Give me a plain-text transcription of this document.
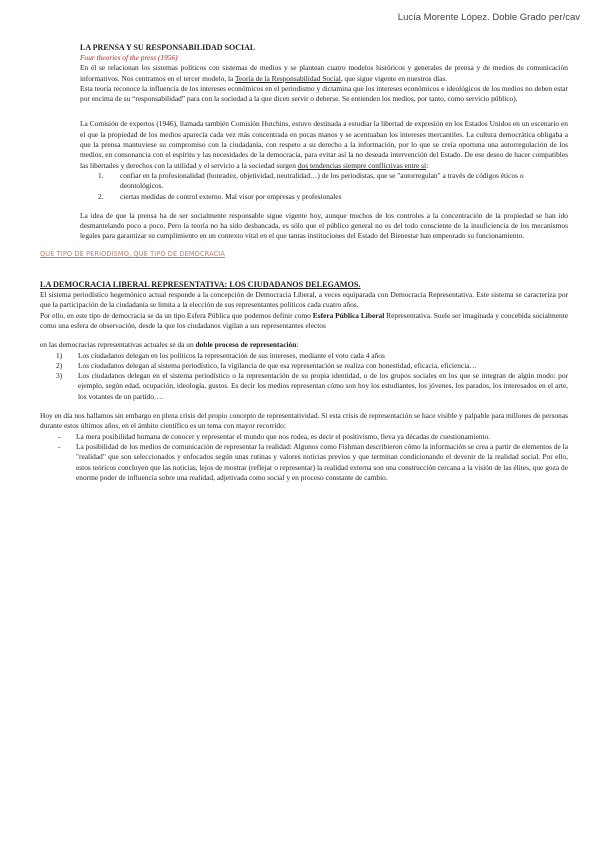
Lucía Morente López. Doble Grado per/cav
LA PRENSA Y SU RESPONSABILIDAD SOCIAL
Four theories of the press (1956)
En él se relacionan los sistemas políticos con sistemas de medios y se plantean cuatro modelos históricos y generales de prensa y de medios de comunicación informativos. Nos centramos en el tercer modelo, la Teoría de la Responsabilidad Social, que sigue vigente en nuestros días.
Esta teoría reconoce la influencia de los intereses económicos en el periodismo y dictamina que los intereses económicos e ideológicos de los medios no deben estar por encima de su “responsabilidad” para con la sociedad a la que dicen servir o deberse. Se entienden los medios, por tanto, como servicio público).
La Comisión de expertos (1946), llamada también Comisión Hutchins, estuvo destinada a estudiar la libertad de expresión en los Estados Unidos en un escenario en el que la propiedad de los medios aparecía cada vez más concentrada en pocas manos y se acentuaban los intereses mercantiles. La cultura democrática obligaba a que la prensa mantuviese su compromiso con la ciudadanía, con respeto a su derecho a la información, por lo que se creía oportuna una autorregulación de los medios, en consonancia con el espíritu y las necesidades de la democracia, para evitar así la no deseada intervención del Estado. De ese deseo de hacer compatibles las libertades y derechos con la utilidad y el servicio a la sociedad surgen dos tendencias siempre conflictivas entre sí:
1.	confiar en la profesionalidad (honradez, objetividad, neutralidad…) de los periodistas, que se "autorregulan" a través de códigos éticos o deontológicos.
2.	ciertas medidas de control externo. Mal visor por empresas y profesionales
La idea de que la prensa ha de ser socialmente responsable sigue vigente hoy, aunque muchos de los controles a la concentración de la propiedad se han ido desmantelando poco a poco. Pero la teoría no ha sido desbancada, es sólo que el público general no es del todo consciente de la insuficiencia de los mecanismos legales para garantizar su cumplimiento en un contexto vital en el que tantas instituciones del Estado del Bienestar han empeorado su funcionamiento.
QUÉ TIPO DE PERIODISMO, QUÉ TIPO DE DEMOCRACIA
LA DEMOCRACIA LIBERAL REPRESENTATIVA: LOS CIUDADANOS DELEGAMOS.
El sistema periodístico hegemónico actual responde a la concepción de Democracia Liberal, a veces equiparada con Democracia Representativa. Este sistema se caracteriza por que la participación de la ciudadanía se limita a la elección de sus representantes políticos cada cuatro años.
Por ello, en este tipo de democracia se da un tipo Esfera Pública que podemos definir como Esfera Pública Liberal Representativa. Suele ser imaginada y concebida socialmente como una esfera de observación, desde la que los ciudadanos vigilan a sus representantes electos
en las democracias representativas actuales se da un doble proceso de representación:
1)	Los ciudadanos delegan en los políticos la representación de sus intereses, mediante el voto cada 4 años
2)	Los ciudadanos delegan al sistema periodístico, la vigilancia de que esa representación se realiza con honestidad, eficacia, eficiencia…
3)	Los ciudadanos delegan en el sistema periodístico o la representación de su propia identidad, o de los grupos sociales en los que se integran de algún modo: por ejemplo, según edad, ocupación, ideología, gustos. Es decir los medios representan cómo son hoy los estudiantes, los jóvenes, los parados, los interesados en el arte, los votantes de un partido….
Hoy en día nos hallamos sin embargo en plena crisis del propio concepto de representatividad. Si esta crisis de representación se hace visible y palpable para millones de personas durante estos últimos años, en el ámbito científico es un tema con mayor recorrido:
-	La mera posibilidad humana de conocer y representar el mundo que nos rodea, es decir el positivismo, lleva ya décadas de cuestionamiento.
-	La posibilidad de los medios de comunicación de representar la realidad: Algunos como Fishman describieron cómo la información se crea a partir de elementos de la "realidad" que son seleccionados y enfocados según unas rutinas y valores noticias previos y que terminan condicionando el devenir de la realidad social. Por ello, estos teóricos concluyen que las noticias, lejos de mostrar (reflejar o representar) la realidad externa son una construcción cercana a la visión de las élites, que goza de enorme poder de influencia sobre una realidad, adjetivada como social y en proceso constante de cambio.
